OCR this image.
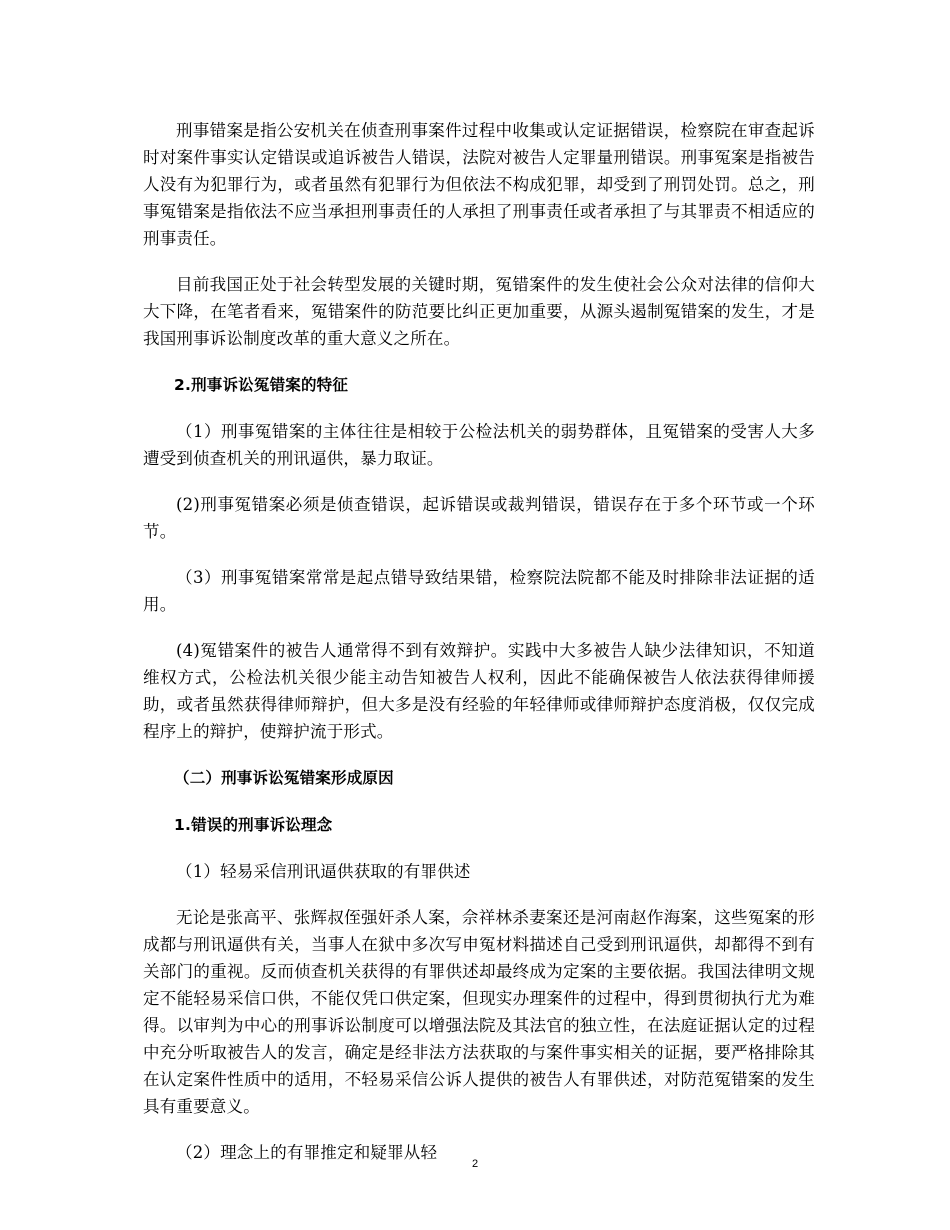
刑事错案是指公安机关在侦查刑事案件过程中收集或认定证据错误，检察院在审查起诉时对案件事实认定错误或追诉被告人错误，法院对被告人定罪量刑错误。刑事冤案是指被告人没有为犯罪行为，或者虽然有犯罪行为但依法不构成犯罪，却受到了刑罚处罚。总之，刑事冤错案是指依法不应当承担刑事责任的人承担了刑事责任或者承担了与其罪责不相适应的刑事责任。

目前我国正处于社会转型发展的关键时期，冤错案件的发生使社会公众对法律的信仰大大下降，在笔者看来，冤错案件的防范要比纠正更加重要，从源头遏制冤错案的发生，才是我国刑事诉讼制度改革的重大意义之所在。

2.刑事诉讼冤错案的特征

（1）刑事冤错案的主体往往是相较于公检法机关的弱势群体，且冤错案的受害人大多遭受到侦查机关的刑讯逼供，暴力取证。

(2)刑事冤错案必须是侦查错误，起诉错误或裁判错误，错误存在于多个环节或一个环节。

（3）刑事冤错案常常是起点错导致结果错，检察院法院都不能及时排除非法证据的适用。

(4)冤错案件的被告人通常得不到有效辩护。实践中大多被告人缺少法律知识，不知道维权方式，公检法机关很少能主动告知被告人权利，因此不能确保被告人依法获得律师援助，或者虽然获得律师辩护，但大多是没有经验的年轻律师或律师辩护态度消极，仅仅完成程序上的辩护，使辩护流于形式。

（二）刑事诉讼冤错案形成原因

1.错误的刑事诉讼理念

（1）轻易采信刑讯逼供获取的有罪供述

无论是张高平、张辉叔侄强奸杀人案，佘祥林杀妻案还是河南赵作海案，这些冤案的形成都与刑讯逼供有关，当事人在狱中多次写申冤材料描述自己受到刑讯逼供，却都得不到有关部门的重视。反而侦查机关获得的有罪供述却最终成为定案的主要依据。我国法律明文规定不能轻易采信口供，不能仅凭口供定案，但现实办理案件的过程中，得到贯彻执行尤为难得。以审判为中心的刑事诉讼制度可以增强法院及其法官的独立性，在法庭证据认定的过程中充分听取被告人的发言，确定是经非法方法获取的与案件事实相关的证据，要严格排除其在认定案件性质中的适用，不轻易采信公诉人提供的被告人有罪供述，对防范冤错案的发生具有重要意义。

（2）理念上的有罪推定和疑罪从轻

2
